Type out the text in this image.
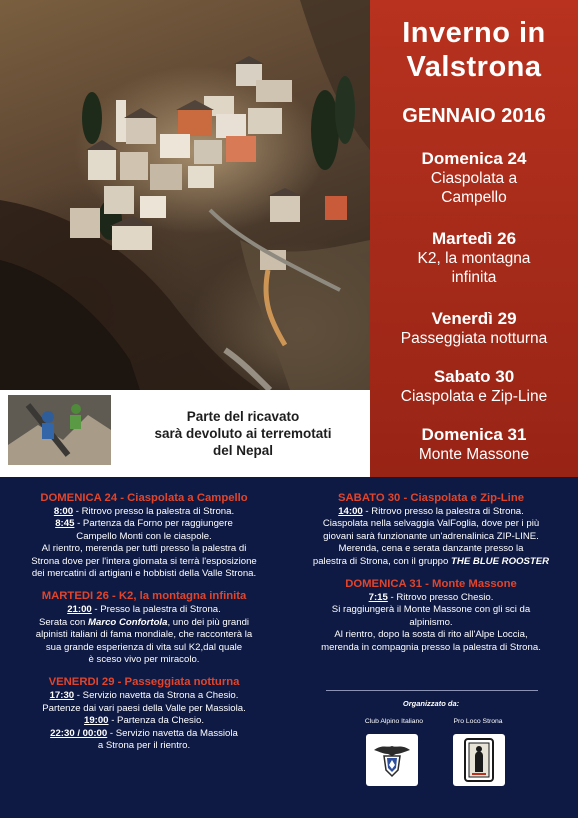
Inverno in
Valstrona
GENNAIO 2016
Domenica 24
Ciaspolata a
Campello
Martedì 26
K2, la montagna
infinita
Venerdì 29
Passeggiata notturna
Sabato 30
Ciaspolata e Zip-Line
Domenica 31
Monte Massone
Parte del ricavato
sarà devoluto ai terremotati
del Nepal
DOMENICA 24 - Ciaspolata a Campello
8:00 - Ritrovo presso la palestra di Strona.
8:45 - Partenza da Forno per raggiungere
Campello Monti con le ciaspole.
Al rientro, merenda per tutti presso la palestra di
Strona dove per l'intera giornata si terrà l'esposizione
dei mercatini di artigiani e hobbisti della Valle Strona.
MARTEDI 26 - K2, la montagna infinita
21:00 - Presso la palestra di Strona.
Serata con Marco Confortola, uno dei più grandi
alpinisti italiani di fama mondiale, che racconterà la
sua grande esperienza di vita sul K2,dal quale
è sceso vivo per miracolo.
VENERDI 29 - Passeggiata notturna
17:30 - Servizio navetta da Strona a Chesio.
Partenze dai vari paesi della Valle per Massiola.
19:00 - Partenza da Chesio.
22:30 / 00:00 - Servizio navetta da Massiola
a Strona per il rientro.
SABATO 30 - Ciaspolata e Zip-Line
14:00 - Ritrovo presso la palestra di Strona.
Ciaspolata nella selvaggia ValFoglia, dove per i più
giovani sarà funzionante un'adrenalinica ZIP-LINE.
Merenda, cena e serata danzante presso la
palestra di Strona, con il gruppo THE BLUE ROOSTER
DOMENICA 31 - Monte Massone
7:15 - Ritrovo presso Chesio.
Si raggiungerà il Monte Massone con gli sci da
alpinismo.
Al rientro, dopo la sosta di rito all'Alpe Loccia,
merenda in compagnia presso la palestra di Strona.
Organizzato da:
Club Alpino Italiano	Pro Loco Strona
